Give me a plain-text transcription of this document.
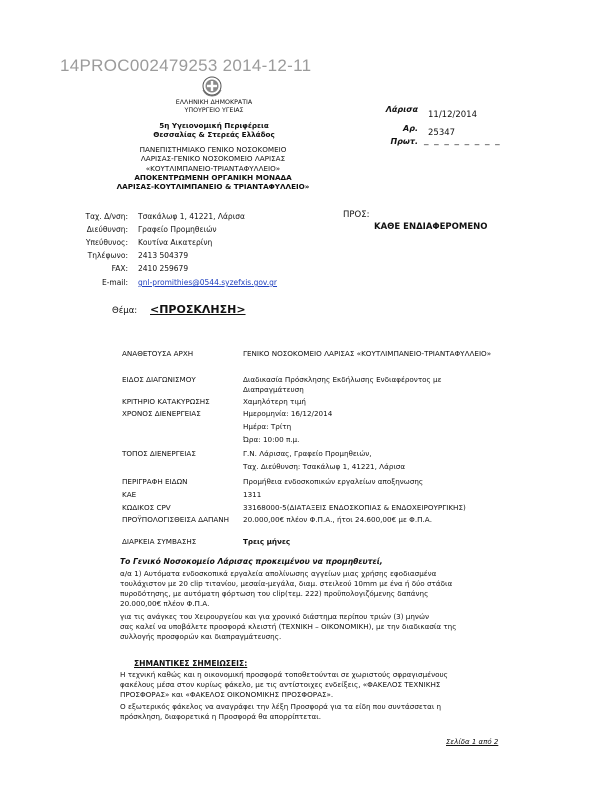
14PROC002479253 2014-12-11
ΕΛΛΗΝΙΚΗ ΔΗΜΟΚΡΑΤΙΑ
ΥΠΟΥΡΓΕΙΟ ΥΓΕΙΑΣ
5η Υγειονομική Περιφέρεια
Θεσσαλίας & Στερεάς Ελλάδος
ΠΑΝΕΠΙΣΤΗΜΙΑΚΟ ΓΕΝΙΚΟ ΝΟΣΟΚΟΜΕΙΟ
ΛΑΡΙΣΑΣ-ΓΕΝΙΚΟ ΝΟΣΟΚΟΜΕΙΟ ΛΑΡΙΣΑΣ
«ΚΟΥΤΛΙΜΠΑΝΕΙΟ-ΤΡΙΑΝΤΑΦΥΛΛΕΙΟ»
ΑΠΟΚΕΝΤΡΩΜΕΝΗ ΟΡΓΑΝΙΚΗ ΜΟΝΑΔΑ
ΛΑΡΙΣΑΣ-ΚΟΥΤΛΙΜΠΑΝΕΙΟ & ΤΡΙΑΝΤΑΦΥΛΛΕΙΟ»
Λάρισα
11/12/2014
Αρ. 25347
Πρωτ. _ _ _ _ _ _ _ _
Ταχ. Δ/νση: Τσακάλωφ 1, 41221, Λάρισα
Διεύθυνση: Γραφείο Προμηθειών
Υπεύθυνος: Κουτίνα Αικατερίνη
Τηλέφωνο: 2413 504379
FAX: 2410 259679
E-mail: gnl-promithies@0544.syzefxis.gov.gr
ΠΡΟΣ:
ΚΑΘΕ ΕΝΔΙΑΦΕΡΟΜΕΝΟ
Θέμα: <ΠΡΟΣΚΛΗΣΗ>
ΑΝΑΘΕΤΟΥΣΑ ΑΡΧΗ	ΓΕΝΙΚΟ ΝΟΣΟΚΟΜΕΙΟ ΛΑΡΙΣΑΣ «ΚΟΥΤΛΙΜΠΑΝΕΙΟ-ΤΡΙΑΝΤΑΦΥΛΛΕΙΟ»
ΕΙΔΟΣ ΔΙΑΓΩΝΙΣΜΟΥ	Διαδικασία Πρόσκλησης Εκδήλωσης Ενδιαφέροντος με Διαπραγμάτευση
ΚΡΙΤΗΡΙΟ ΚΑΤΑΚΥΡΩΣΗΣ	Χαμηλότερη τιμή
ΧΡΟΝΟΣ ΔΙΕΝΕΡΓΕΙΑΣ	Ημερομηνία: 16/12/2014
Ημέρα: Τρίτη
Ώρα: 10:00 π.μ.
ΤΟΠΟΣ ΔΙΕΝΕΡΓΕΙΑΣ	Γ.Ν. Λάρισας, Γραφείο Προμηθειών,
Ταχ. Διεύθυνση: Τσακάλωφ 1, 41221, Λάρισα
ΠΕΡΙΓΡΑΦΗ ΕΙΔΩΝ	Προμήθεια ενδοσκοπικών εργαλείων αποξηνωσης
ΚΑΕ	1311
ΚΩΔΙΚΟΣ CPV	33168000-5(ΔΙΑΤΑΞΕΙΣ ΕΝΔΟΣΚΟΠΙΑΣ & ΕΝΔΟΧΕΙΡΟΥΡΓΙΚΗΣ)
ΠΡΟΫΠΟΛΟΓΙΣΘΕΙΣΑ ΔΑΠΑΝΗ	20.000,00€ πλέον Φ.Π.Α., ήτοι 24.600,00€ με Φ.Π.Α.
ΔΙΑΡΚΕΙΑ ΣΥΜΒΑΣΗΣ	Τρεις μήνες
Το Γενικό Νοσοκομείο Λάρισας προκειμένου να προμηθευτεί,
α/α 1) Αυτόματα ενδοσκοπικά εργαλεία απολίνωσης αγγείων μιας χρήσης εφοδιασμένα
τουλάχιστον με 20 clip τιτανίου, μεσαία-μεγάλα, διαμ. στειλεού 10mm με ένα ή δύο στάδια
πυροδότησης, με αυτόματη φόρτωση του clip(τεμ. 222) προϋπολογιζόμενης δαπάνης
20.000,00€ πλέον Φ.Π.Α.
για τις ανάγκες του Χειρουργείου και για χρονικό διάστημα περίπου τριών (3) μηνών
σας καλεί να υποβάλετε προσφορά κλειστή (ΤΕΧΝΙΚΗ – ΟΙΚΟΝΟΜΙΚΗ), με την διαδικασία της
συλλογής προσφορών και διαπραγμάτευσης.
ΣΗΜΑΝΤΙΚΕΣ ΣΗΜΕΙΩΣΕΙΣ:
Η τεχνική καθώς και η οικονομική προσφορά τοποθετούνται σε χωριστούς σφραγισμένους
φακέλους μέσα στον κυρίως φάκελο, με τις αντίστοιχες ενδείξεις, «ΦΑΚΕΛΟΣ ΤΕΧΝΙΚΗΣ
ΠΡΟΣΦΟΡΑΣ» και «ΦΑΚΕΛΟΣ ΟΙΚΟΝΟΜΙΚΗΣ ΠΡΟΣΦΟΡΑΣ».
Ο εξωτερικός φάκελος να αναγράφει την λέξη Προσφορά για τα είδη που συντάσσεται η
πρόσκληση, διαφορετικά η Προσφορά θα απορρίπτεται.
Σελίδα 1 από 2
